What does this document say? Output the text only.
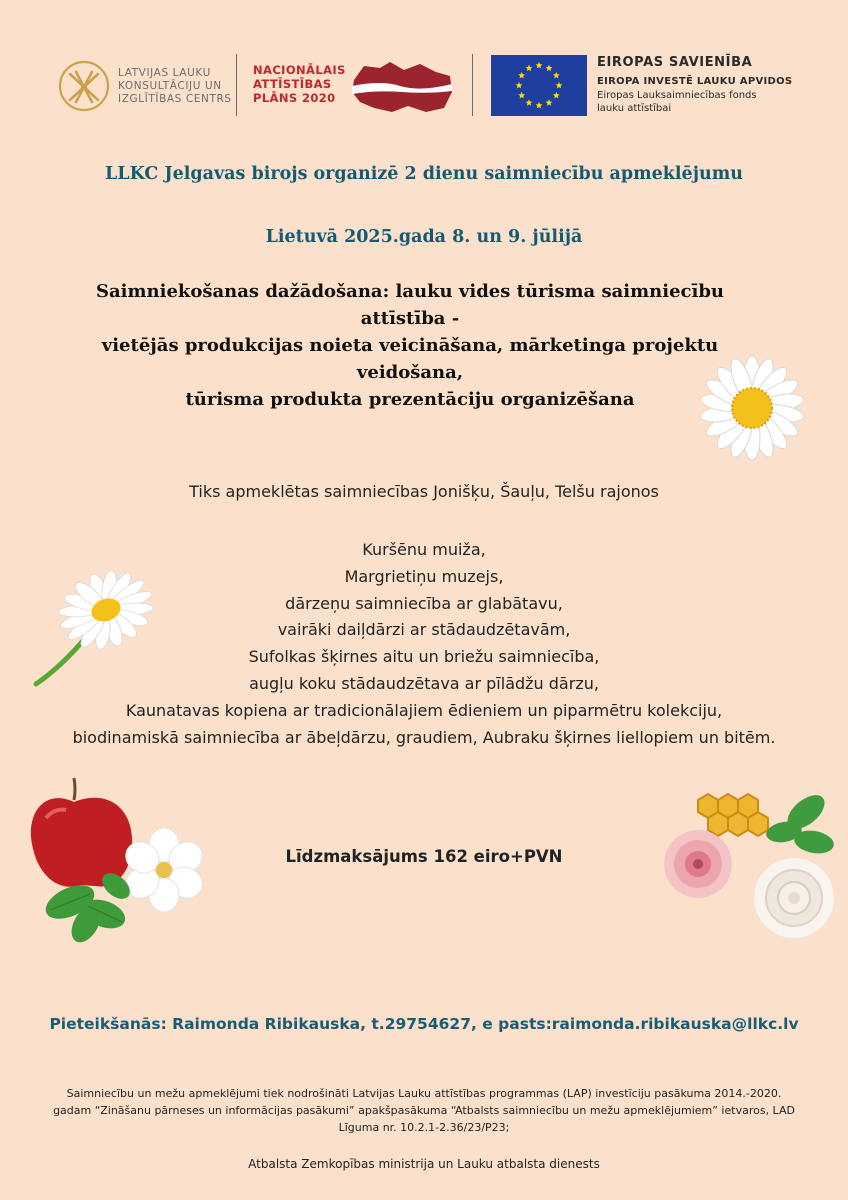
LATVIJAS LAUKU
KONSULTĀCIJU UN
IZGLĪTĪBAS CENTRS
NACIONĀLAIS
ATTĪSTĪBAS
PLĀNS 2020
EIROPAS SAVIENĪBA
EIROPA INVESTĒ LAUKU APVIDOS
Eiropas Lauksaimniecības fonds
lauku attīstībai
LLKC Jelgavas birojs organizē 2 dienu saimniecību apmeklējumu
Lietuvā 2025.gada 8. un 9. jūlijā
Saimniekošanas dažādošana: lauku vides tūrisma saimniecību attīstība -
vietējās produkcijas noieta veicināšana, mārketinga projektu veidošana,
tūrisma produkta prezentāciju organizēšana
Tiks apmeklētas saimniecības Jonišķu, Šauļu, Telšu rajonos
Kuršēnu muiža,
Margrietiņu muzejs,
dārzeņu saimniecība ar glabātavu,
vairāki daiļdārzi ar stādaudzētavām,
Sufolkas šķirnes aitu un briežu saimniecība,
augļu koku stādaudzētava ar pīlādžu dārzu,
Kaunatavas kopiena ar tradicionālajiem ēdieniem un piparmētru kolekciju,
biodinamiskā saimniecība ar ābeļdārzu, graudiem, Aubraku šķirnes liellopiem un bitēm.
Līdzmaksājums 162 eiro+PVN
Pieteikšanās: Raimonda Ribikauska, t.29754627, e pasts:raimonda.ribikauska@llkc.lv
Saimniecību un mežu apmeklējumi tiek nodrošināti Latvijas Lauku attīstības programmas (LAP) investīciju pasākuma 2014.-2020.
gadam “Zināšanu pārneses un informācijas pasākumi” apakšpasākuma “Atbalsts saimniecību un mežu apmeklējumiem” ietvaros, LAD
Līguma nr. 10.2.1-2.36/23/P23;
Atbalsta Zemkopības ministrija un Lauku atbalsta dienests
